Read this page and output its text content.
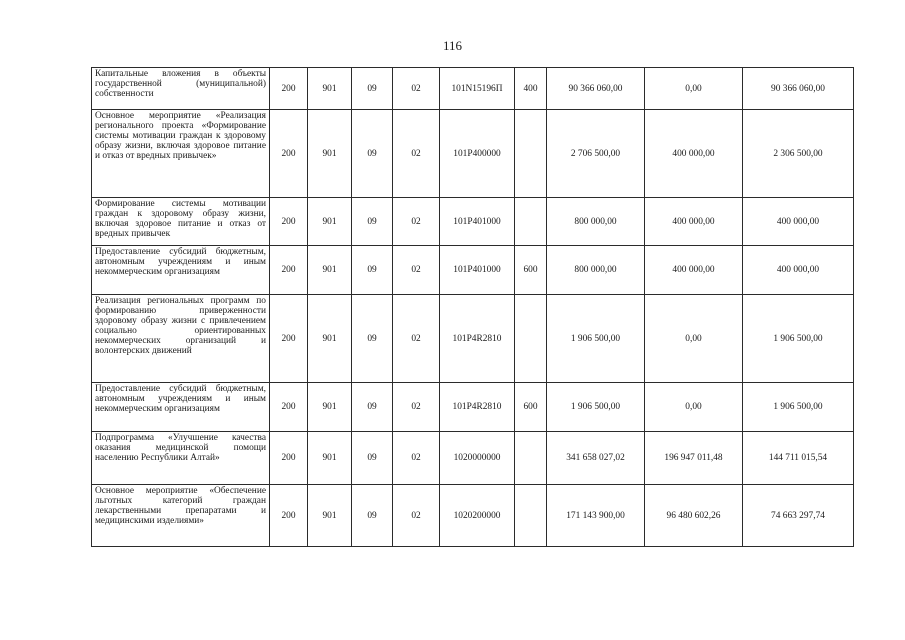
116
Капитальные вложения в объекты государственной (муниципальной) собственности	200	901	09	02	101N15196П	400	90 366 060,00	0,00	90 366 060,00
Основное мероприятие «Реализация регионального проекта «Формирование системы мотивации граждан к здоровому образу жизни, включая здоровое питание и отказ от вредных привычек»	200	901	09	02	101P400000		2 706 500,00	400 000,00	2 306 500,00
Формирование системы мотивации граждан к здоровому образу жизни, включая здоровое питание и отказ от вредных привычек	200	901	09	02	101P401000		800 000,00	400 000,00	400 000,00
Предоставление субсидий бюджетным, автономным учреждениям и иным некоммерческим организациям	200	901	09	02	101P401000	600	800 000,00	400 000,00	400 000,00
Реализация региональных программ по формированию приверженности здоровому образу жизни с привлечением социально ориентированных некоммерческих организаций и волонтерских движений	200	901	09	02	101P4R2810		1 906 500,00	0,00	1 906 500,00
Предоставление субсидий бюджетным, автономным учреждениям и иным некоммерческим организациям	200	901	09	02	101P4R2810	600	1 906 500,00	0,00	1 906 500,00
Подпрограмма «Улучшение качества оказания медицинской помощи населению Республики Алтай»	200	901	09	02	1020000000		341 658 027,02	196 947 011,48	144 711 015,54
Основное мероприятие «Обеспечение льготных категорий граждан лекарственными препаратами и медицинскими изделиями»	200	901	09	02	1020200000		171 143 900,00	96 480 602,26	74 663 297,74
